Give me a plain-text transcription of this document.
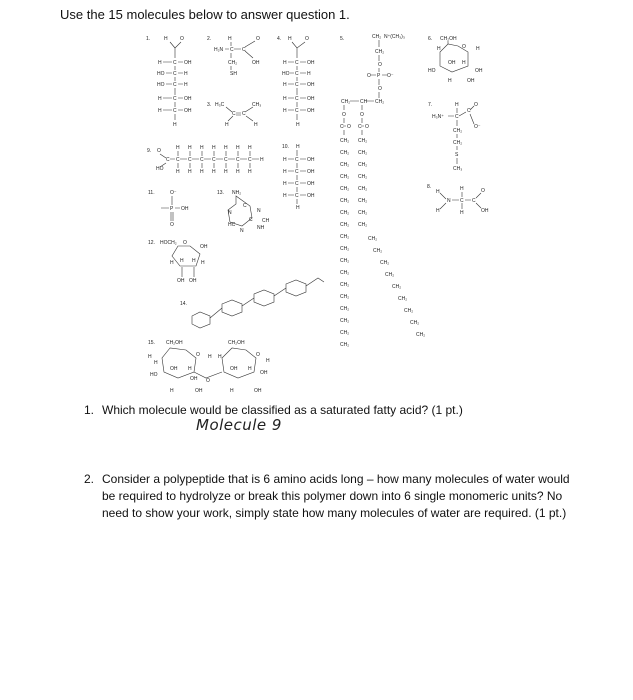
Use the 15 molecules below to answer question 1.
1.	H O
H C OH
HO C H
HO C H
H C OH
H C OH
H
2.	H	O
H₂N C C
CH₂	OH
SH
3. H₃C	CH₃
C C
H	H
4. H	O
H C OH
HO C H
H C OH
H C OH
H C OH
H
5.	CH₂ N⁺(CH₃)₃
CH₂
O
O P O⁻
O
CH₂ CH CH₂
O	O
C O C O
CH₂
CH₂
CH₂
CH₂
CH₂
CH₂
CH₂
CH₂
CH₂
CH₂
CH₂
CH₂
CH₂
CH₂
CH₂
CH₂
CH₂
CH₂
CH₂
CH₂
CH₂
CH₂
CH₂
CH₂
CH₂
CH₂
CH₂
CH₂
CH₂
CH₂
CH₂
CH₂
CH₂
CH₂
CH₂
6. CH₂OH
H	O H
OH H
HO	OH
H	OH
7.
H₃N⁺ C
C
O
O⁻
H
CH₂
CH₂
S
CH₃
8.
H
H
N C C
O
OH
H
H
9. O
HO
C C C C C C C C H
H H H H H H H
H H H H H H H
10. H
H C OH
H C OH
H C OH
H C OH
H
11.	O⁻
P OH
O
12. HOCH₂ O
OH
H H H H
OH OH
13. NH₂
N
C
N
CH
HC
N	NH
C
14.
15. CH₂OH	CH₂OH
H	O H H	O
H
H
OH H	OH H
OH
HO
O
OH
H	OH	H	OH
1. Which molecule would be classified as a saturated fatty acid? (1 pt.)
Molecule 9
2. Consider a polypeptide that is 6 amino acids long – how many molecules of water would be required to hydrolyze or break this polymer down into 6 single monomeric units? No need to show your work, simply state how many molecules of water are required. (1 pt.)
